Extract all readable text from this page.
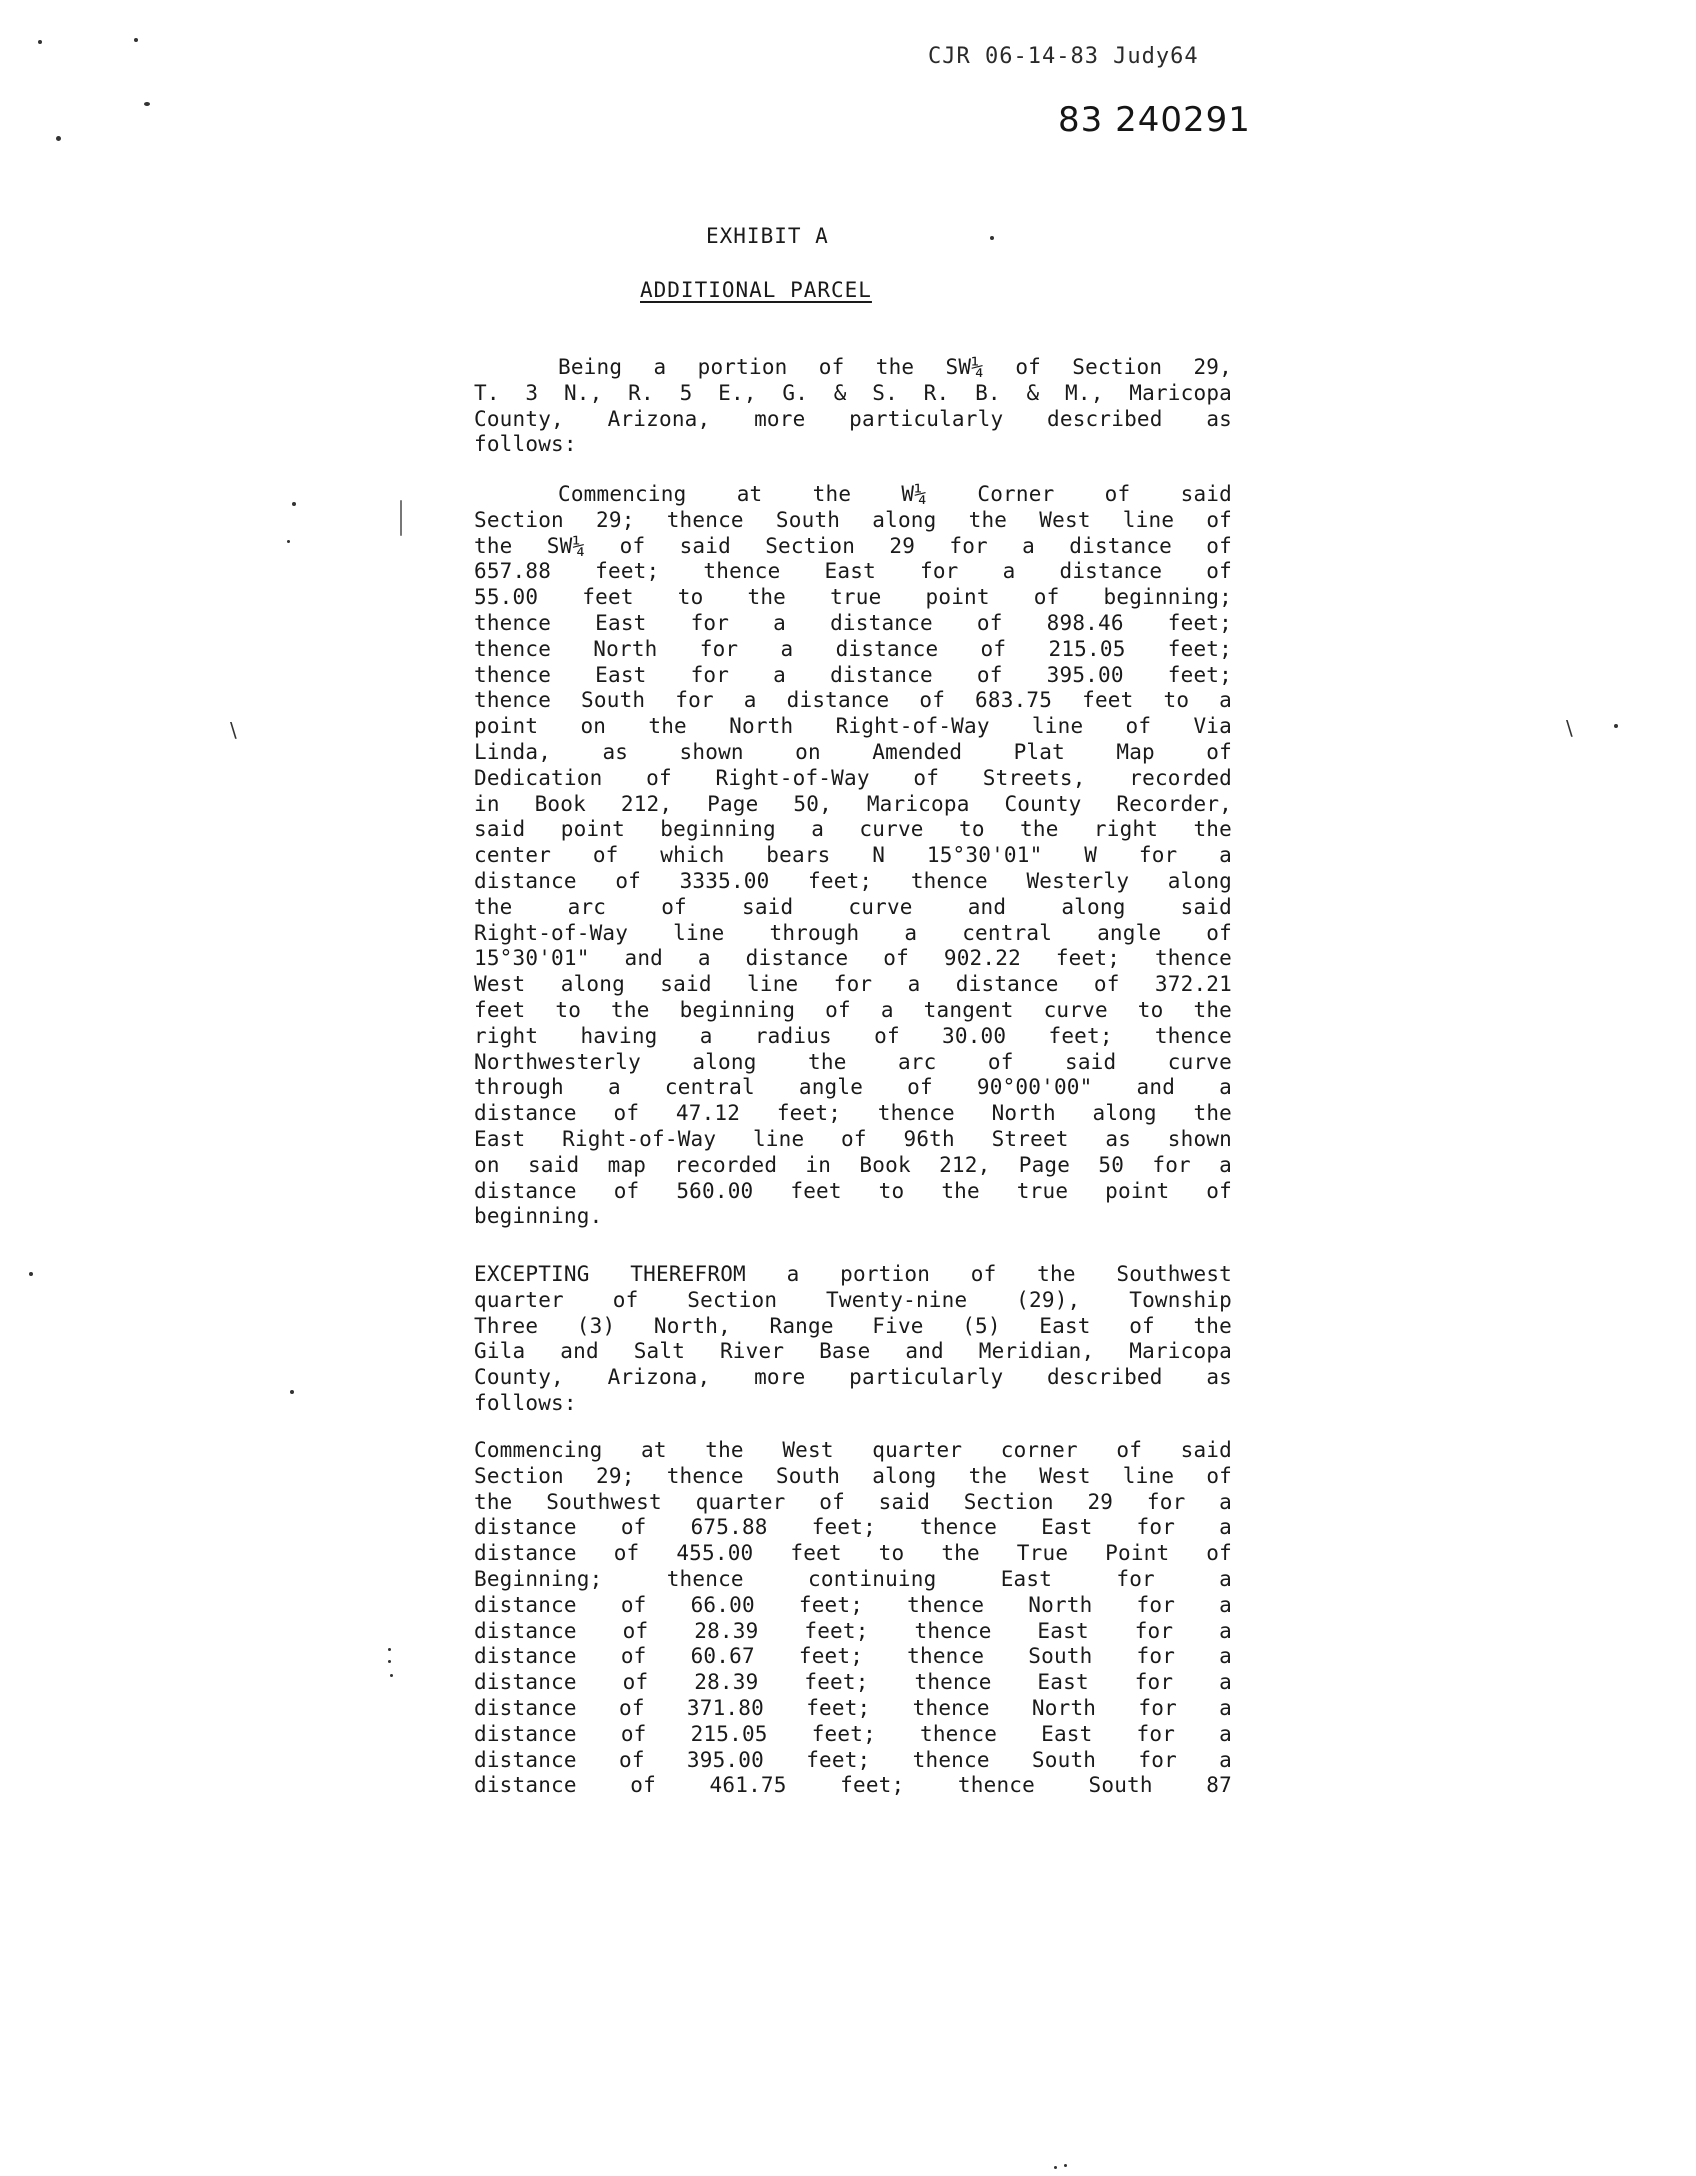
CJR 06-14-83 Judy64
83 240291
EXHIBIT A
ADDITIONAL PARCEL
Being a portion of the SW¼ of Section 29,
T. 3 N., R. 5 E., G. & S. R. B. & M., Maricopa
County, Arizona, more particularly described as
follows:
Commencing at the W¼ Corner of said
Section 29; thence South along the West line of
the SW¼ of said Section 29 for a distance of
657.88 feet; thence East for a distance of
55.00 feet to the true point of beginning;
thence East for a distance of 898.46 feet;
thence North for a distance of 215.05 feet;
thence East for a distance of 395.00 feet;
thence South for a distance of 683.75 feet to a
point on the North Right-of-Way line of Via
Linda, as shown on Amended Plat Map of
Dedication of Right-of-Way of Streets, recorded
in Book 212, Page 50, Maricopa County Recorder,
said point beginning a curve to the right the
center of which bears N 15°30'01" W for a
distance of 3335.00 feet; thence Westerly along
the arc of said curve and along said
Right-of-Way line through a central angle of
15°30'01" and a distance of 902.22 feet; thence
West along said line for a distance of 372.21
feet to the beginning of a tangent curve to the
right having a radius of 30.00 feet; thence
Northwesterly along the arc of said curve
through a central angle of 90°00'00" and a
distance of 47.12 feet; thence North along the
East Right-of-Way line of 96th Street as shown
on said map recorded in Book 212, Page 50 for a
distance of 560.00 feet to the true point of
beginning.
EXCEPTING THEREFROM a portion of the Southwest
quarter of Section Twenty-nine (29), Township
Three (3) North, Range Five (5) East of the
Gila and Salt River Base and Meridian, Maricopa
County, Arizona, more particularly described as
follows:
Commencing at the West quarter corner of said
Section 29; thence South along the West line of
the Southwest quarter of said Section 29 for a
distance of 675.88 feet; thence East for a
distance of 455.00 feet to the True Point of
Beginning; thence continuing East for a
distance of 66.00 feet; thence North for a
distance of 28.39 feet; thence East for a
distance of 60.67 feet; thence South for a
distance of 28.39 feet; thence East for a
distance of 371.80 feet; thence North for a
distance of 215.05 feet; thence East for a
distance of 395.00 feet; thence South for a
distance of 461.75 feet; thence South 87
\	\
